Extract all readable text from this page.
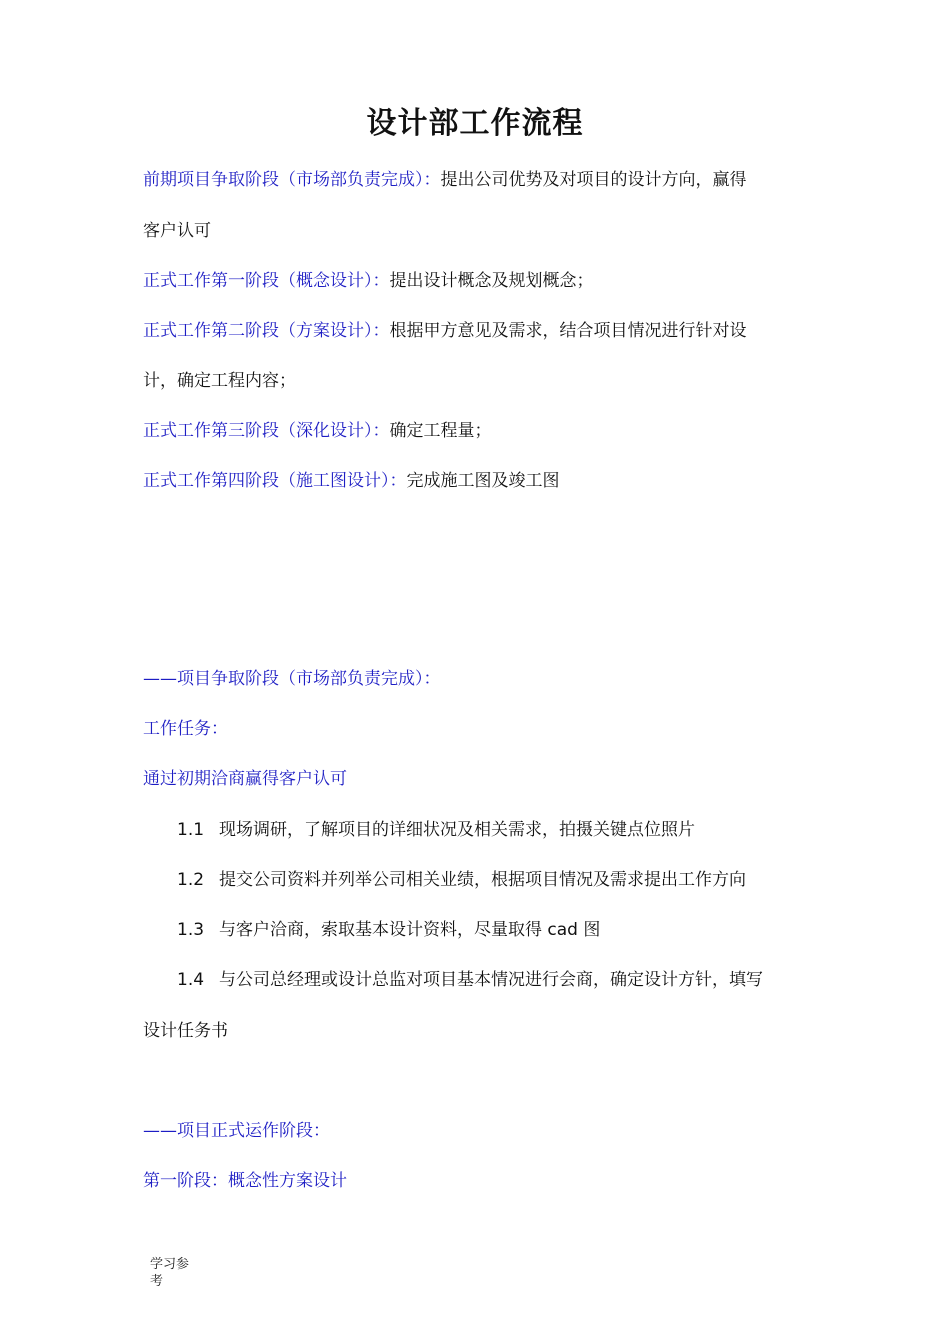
设计部工作流程
前期项目争取阶段（市场部负责完成）：提出公司优势及对项目的设计方向，赢得
客户认可
正式工作第一阶段（概念设计）：提出设计概念及规划概念；
正式工作第二阶段（方案设计）：根据甲方意见及需求，结合项目情况进行针对设
计，确定工程内容；
正式工作第三阶段（深化设计）：确定工程量；
正式工作第四阶段（施工图设计）：完成施工图及竣工图
——项目争取阶段（市场部负责完成）：
工作任务：
通过初期洽商赢得客户认可
1.1 现场调研，了解项目的详细状况及相关需求，拍摄关键点位照片
1.2 提交公司资料并列举公司相关业绩，根据项目情况及需求提出工作方向
1.3 与客户洽商，索取基本设计资料，尽量取得 cad 图
1.4 与公司总经理或设计总监对项目基本情况进行会商，确定设计方针，填写
设计任务书
——项目正式运作阶段：
第一阶段：概念性方案设计
学习参考
